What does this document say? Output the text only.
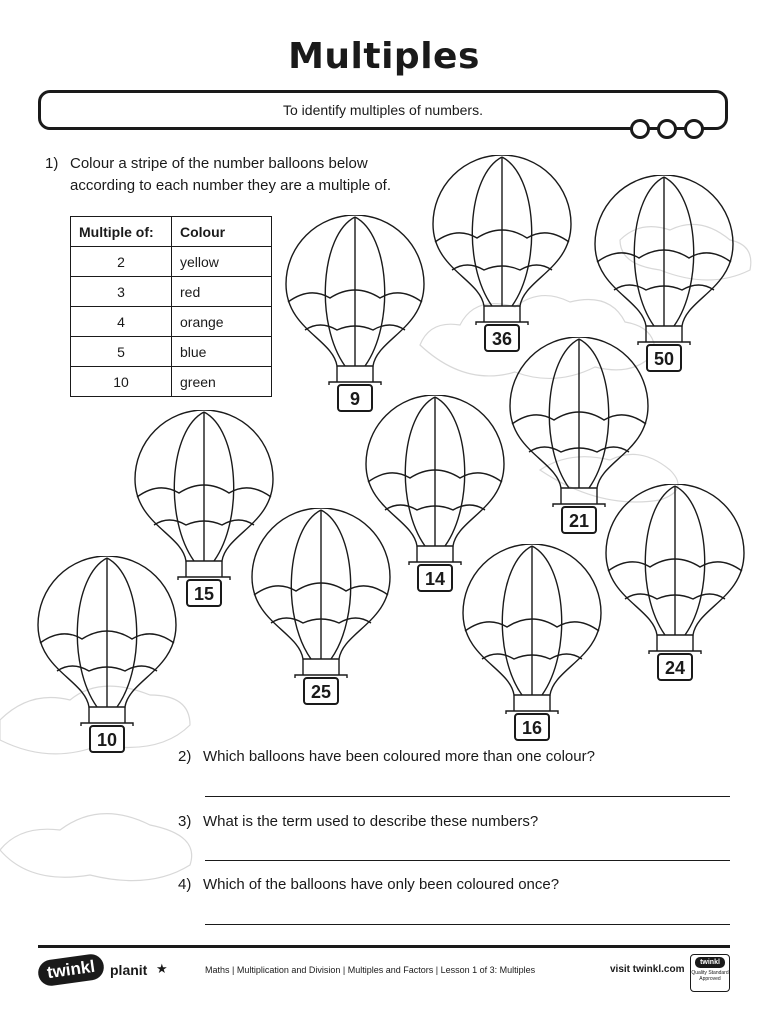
Multiples
To identify multiples of numbers.
1) Colour a stripe of the number balloons below
according to each number they are a multiple of.
Multiple of:	Colour
2	yellow
3	red
4	orange
5	blue
10	green
9
36
50
21
14
15
25
16
24
10
2) Which balloons have been coloured more than one colour?
3) What is the term used to describe these numbers?
4) Which of the balloons have only been coloured once?
twinkl planit ★	Maths | Multiplication and Division | Multiples and Factors | Lesson 1 of 3: Multiples	visit twinkl.com
twinkl
Quality Standard Approved
